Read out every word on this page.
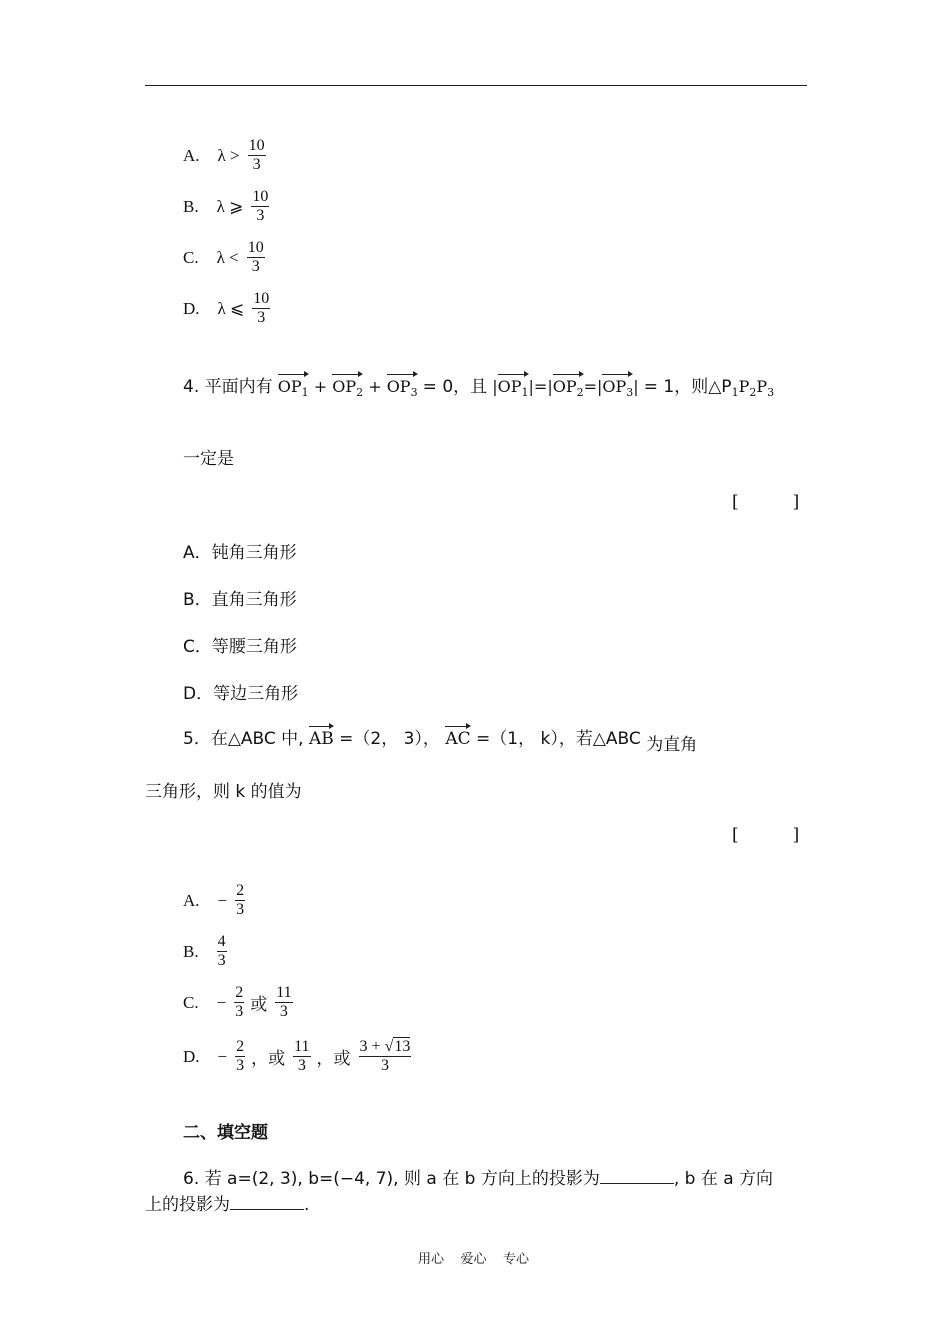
A. $\lambda > \frac{10}{3}$
B. λ ⩾ $\frac{10}{3}$
C. $\lambda < \frac{10}{3}$
D. λ ⩽ $\frac{10}{3}$
4. 平面内有 $OP_1 + OP_2 + OP_3 = 0$，且 $|OP_1|=|OP_2=|OP_3| = 1$，则$\triangle P_1P_2P_3$
一定是
[          ]
A．钝角三角形
B．直角三角形
C．等腰三角形
D．等边三角形
5．在△ABC 中, AB =（2， 3）， AC =（1， k），若△ABC 为直角
三角形，则 k 的值为
[          ]
A. − $\frac{2}{3}$
B. $\frac{4}{3}$
C. − $\frac{2}{3}$ 或 $\frac{11}{3}$
D. − $\frac{2}{3}$ ，或 $\frac{11}{3}$ ，或 $\frac{3 + √13}{3}$
二、填空题
6. 若 a=(2, 3), b=(−4, 7), 则 a 在 b 方向上的投影为	, b 在 a 方向
上的投影为	.
用心    爱心    专心
